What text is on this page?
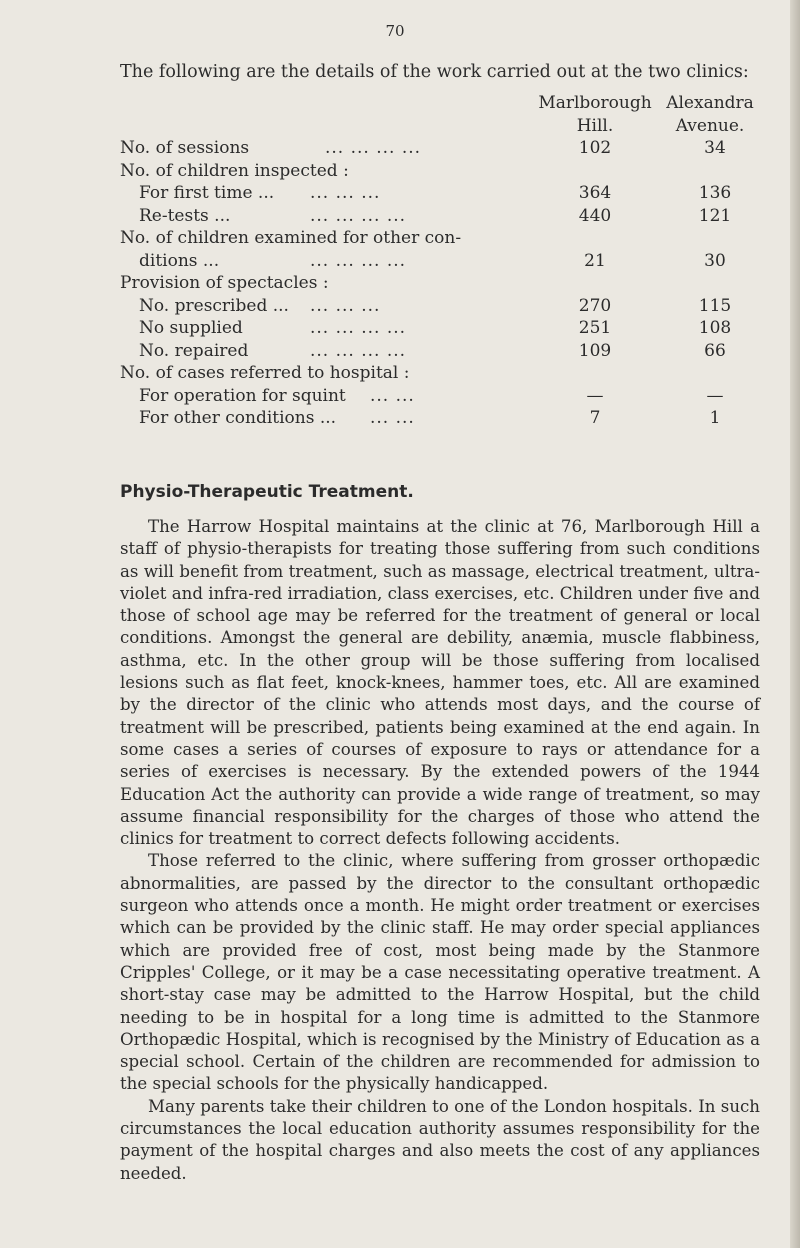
70
The following are the details of the work carried out at the two clinics:
Marlborough
Hill.
Alexandra
Avenue.
No. of sessions	... ... ... ...	102	34
No. of children inspected :
For first time ... ... ... ...	364	136
Re-tests ...	... ... ... ...	440	121
No. of children examined for other con-
ditions ...	... ... ... ...	21	30
Provision of spectacles :
No. prescribed ... ... ... ...	270	115
No supplied	... ... ... ...	251	108
No. repaired	... ... ... ...	109	66
No. of cases referred to hospital :
For operation for squint ... ...	—	—
For other conditions ... ... ...	7	1
Physio-Therapeutic Treatment.

The Harrow Hospital maintains at the clinic at 76, Marlborough Hill a staff of physio-therapists for treating those suffering from such conditions as will benefit from treatment, such as massage, electrical treatment, ultra-violet and infra-red irradiation, class exercises, etc. Children under five and those of school age may be referred for the treatment of general or local conditions. Amongst the general are debility, anæmia, muscle flabbiness, asthma, etc. In the other group will be those suffering from localised lesions such as flat feet, knock-knees, hammer toes, etc. All are examined by the director of the clinic who attends most days, and the course of treatment will be prescribed, patients being examined at the end again. In some cases a series of courses of exposure to rays or attendance for a series of exercises is necessary. By the extended powers of the 1944 Education Act the authority can provide a wide range of treatment, so may assume financial responsibility for the charges of those who attend the clinics for treatment to correct defects following accidents.

Those referred to the clinic, where suffering from grosser orthopædic abnormalities, are passed by the director to the consultant orthopædic surgeon who attends once a month. He might order treatment or exercises which can be provided by the clinic staff. He may order special appliances which are provided free of cost, most being made by the Stanmore Cripples' College, or it may be a case necessitating operative treatment. A short-stay case may be admitted to the Harrow Hospital, but the child needing to be in hospital for a long time is admitted to the Stanmore Orthopædic Hospital, which is recognised by the Ministry of Education as a special school. Certain of the children are recommended for admission to the special schools for the physically handicapped.

Many parents take their children to one of the London hospitals. In such circumstances the local education authority assumes responsibility for the payment of the hospital charges and also meets the cost of any appliances needed.
